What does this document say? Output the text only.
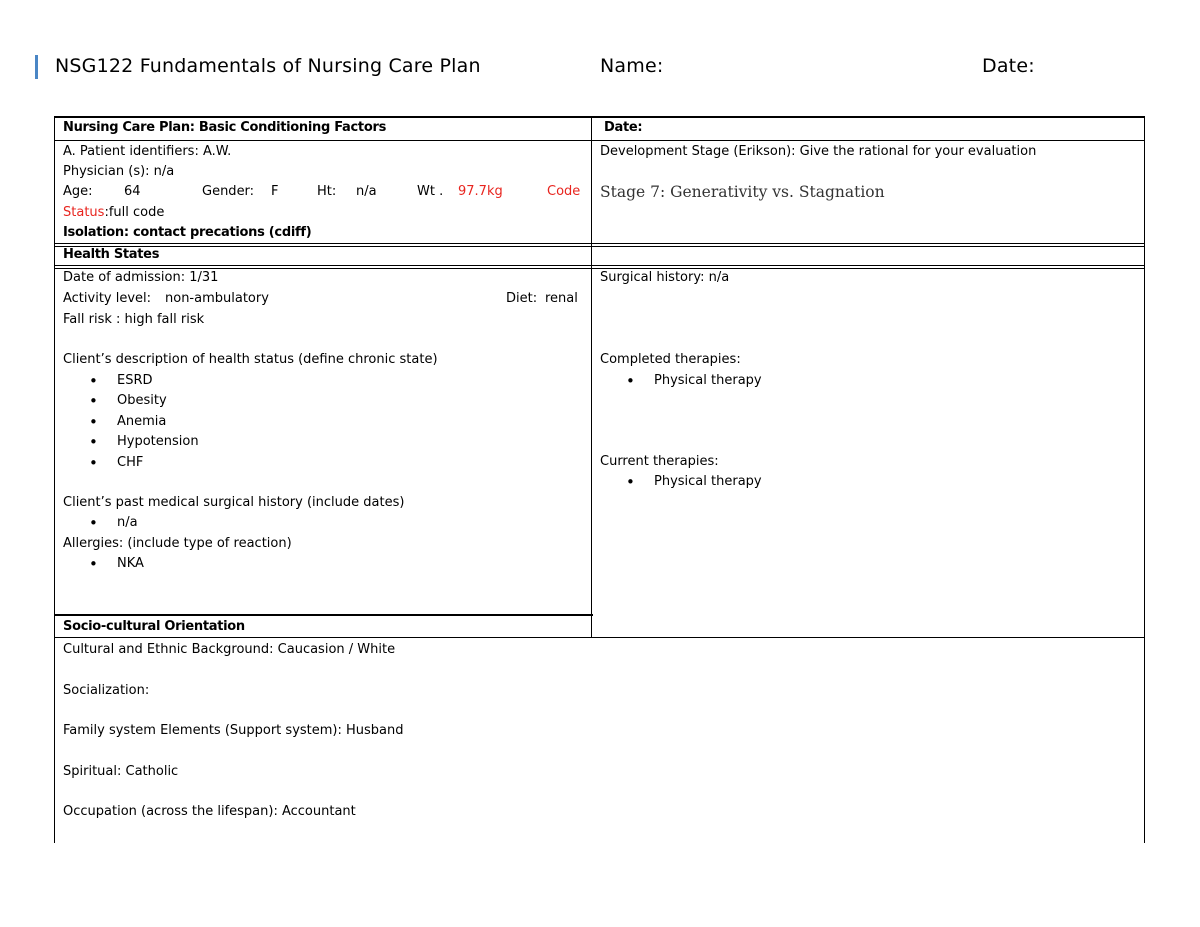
NSG122 Fundamentals of Nursing Care Plan	Name:	Date:
Nursing Care Plan: Basic Conditioning Factors	Date:
A. Patient identifiers: A.W.
Physician (s): n/a
Age: 64	Gender: F	Ht: n/a	Wt . 97.7kg	Code
Status:full code
Isolation: contact precations (cdiff)
Development Stage (Erikson): Give the rational for your evaluation
Stage 7: Generativity vs. Stagnation
Health States
Date of admission: 1/31
Activity level: non-ambulatory	Diet: renal
Fall risk : high fall risk
Client’s description of health status (define chronic state)
• ESRD
• Obesity
• Anemia
• Hypotension
• CHF
Client’s past medical surgical history (include dates)
• n/a
Allergies: (include type of reaction)
• NKA
Surgical history: n/a
Completed therapies:
• Physical therapy
Current therapies:
• Physical therapy
Socio-cultural Orientation
Cultural and Ethnic Background: Caucasion / White
Socialization:
Family system Elements (Support system): Husband
Spiritual: Catholic
Occupation (across the lifespan): Accountant
